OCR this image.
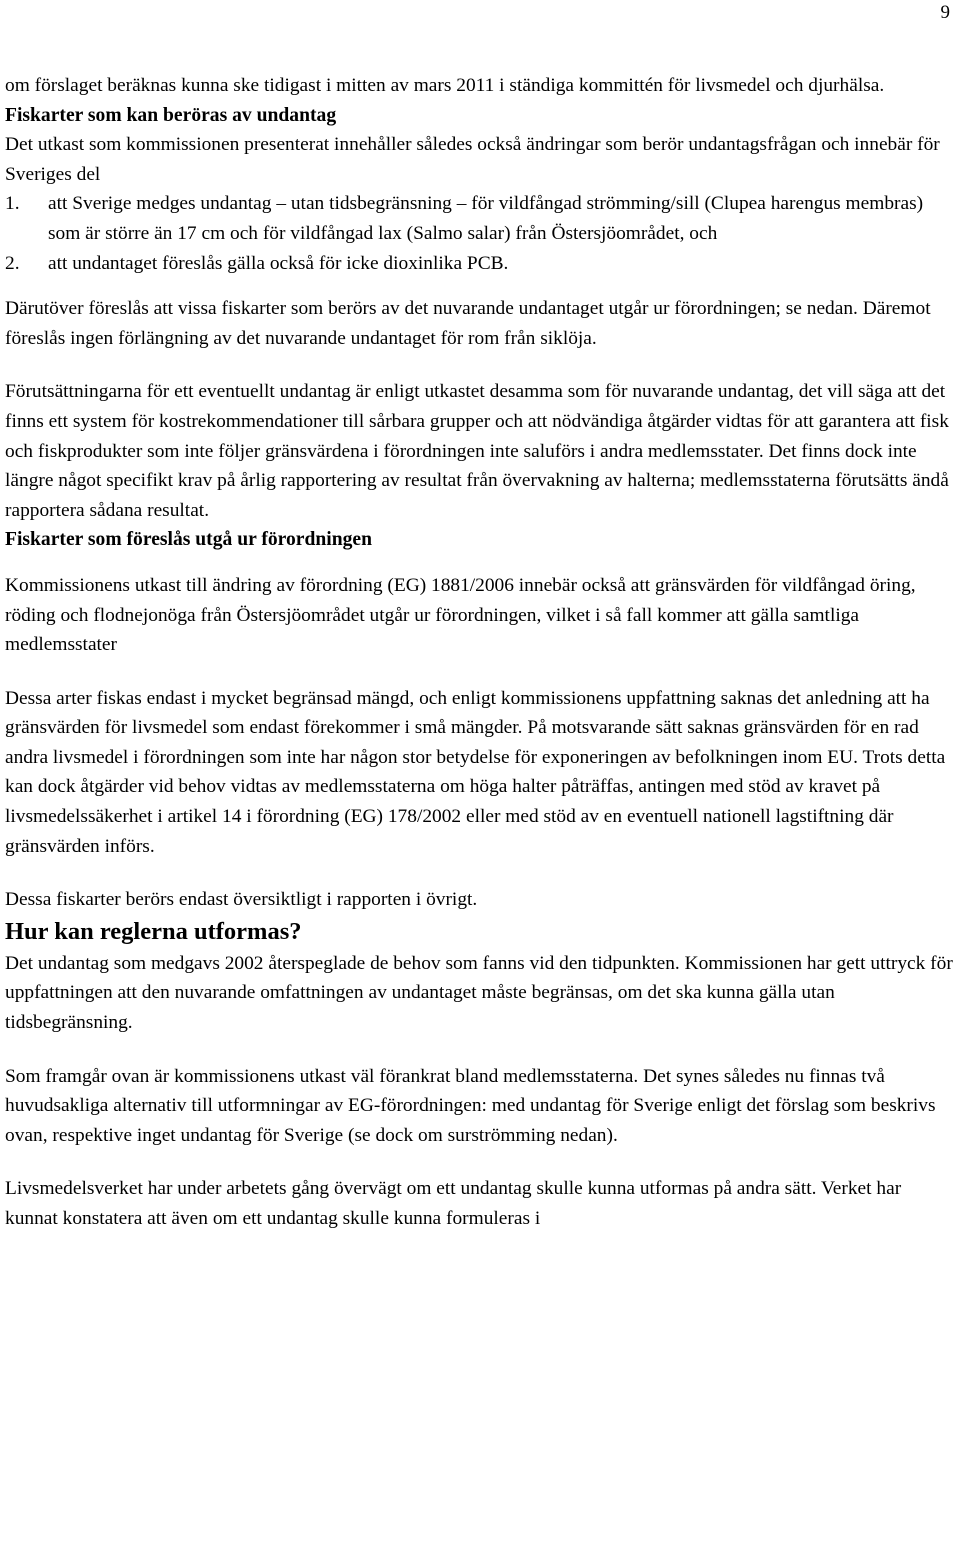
9

om förslaget beräknas kunna ske tidigast i mitten av mars 2011 i ständiga kommittén för livsmedel och djurhälsa.

Fiskarter som kan beröras av undantag

Det utkast som kommissionen presenterat innehåller således också ändringar som berör undantagsfrågan och innebär för Sveriges del

1. att Sverige medges undantag – utan tidsbegränsning – för vildfångad strömming/sill (Clupea harengus membras) som är större än 17 cm och för vildfångad lax (Salmo salar) från Östersjöområdet, och
2. att undantaget föreslås gälla också för icke dioxinlika PCB.

Därutöver föreslås att vissa fiskarter som berörs av det nuvarande undantaget utgår ur förordningen; se nedan. Däremot föreslås ingen förlängning av det nuvarande undantaget för rom från siklöja.

Förutsättningarna för ett eventuellt undantag är enligt utkastet desamma som för nuvarande undantag, det vill säga att det finns ett system för kostrekommendationer till sårbara grupper och att nödvändiga åtgärder vidtas för att garantera att fisk och fiskprodukter som inte följer gränsvärdena i förordningen inte saluförs i andra medlemsstater. Det finns dock inte längre något specifikt krav på årlig rapportering av resultat från övervakning av halterna; medlemsstaterna förutsätts ändå rapportera sådana resultat.

Fiskarter som föreslås utgå ur förordningen

Kommissionens utkast till ändring av förordning (EG) 1881/2006 innebär också att gränsvärden för vildfångad öring, röding och flodnejonöga från Östersjöområdet utgår ur förordningen, vilket i så fall kommer att gälla samtliga medlemsstater

Dessa arter fiskas endast i mycket begränsad mängd, och enligt kommissionens uppfattning saknas det anledning att ha gränsvärden för livsmedel som endast förekommer i små mängder. På motsvarande sätt saknas gränsvärden för en rad andra livsmedel i förordningen som inte har någon stor betydelse för exponeringen av befolkningen inom EU. Trots detta kan dock åtgärder vid behov vidtas av medlemsstaterna om höga halter påträffas, antingen med stöd av kravet på livsmedelssäkerhet i artikel 14 i förordning (EG) 178/2002 eller med stöd av en eventuell nationell lagstiftning där gränsvärden införs.

Dessa fiskarter berörs endast översiktligt i rapporten i övrigt.

Hur kan reglerna utformas?

Det undantag som medgavs 2002 återspeglade de behov som fanns vid den tidpunkten. Kommissionen har gett uttryck för uppfattningen att den nuvarande omfattningen av undantaget måste begränsas, om det ska kunna gälla utan tidsbegränsning.

Som framgår ovan är kommissionens utkast väl förankrat bland medlemsstaterna. Det synes således nu finnas två huvudsakliga alternativ till utformningar av EG-förordningen: med undantag för Sverige enligt det förslag som beskrivs ovan, respektive inget undantag för Sverige (se dock om surströmming nedan).

Livsmedelsverket har under arbetets gång övervägt om ett undantag skulle kunna utformas på andra sätt. Verket har kunnat konstatera att även om ett undantag skulle kunna formuleras i
